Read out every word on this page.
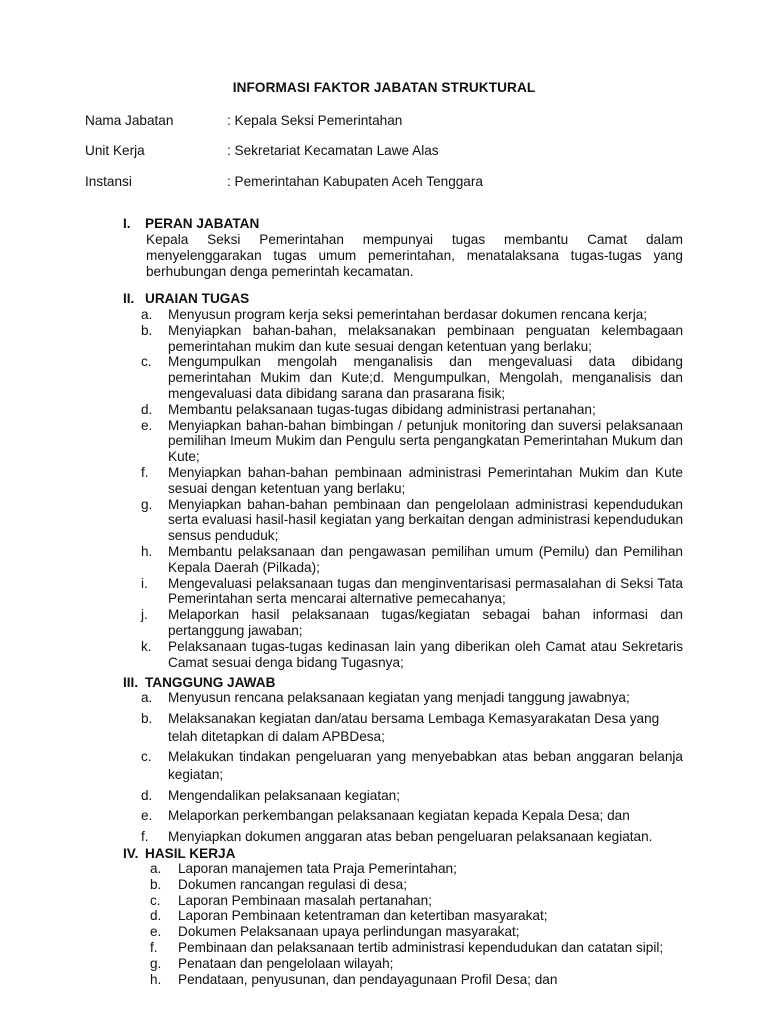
INFORMASI FAKTOR JABATAN STRUKTURAL
Nama Jabatan	: Kepala Seksi Pemerintahan
Unit Kerja	: Sekretariat Kecamatan Lawe Alas
Instansi	: Pemerintahan Kabupaten Aceh Tenggara
I. PERAN JABATAN
Kepala Seksi Pemerintahan mempunyai tugas membantu Camat dalam menyelenggarakan tugas umum pemerintahan, menatalaksana tugas-tugas yang berhubungan denga pemerintah kecamatan.
II. URAIAN TUGAS
a. Menyusun program kerja seksi pemerintahan berdasar dokumen rencana kerja;
b. Menyiapkan bahan-bahan, melaksanakan pembinaan penguatan kelembagaan pemerintahan mukim dan kute sesuai dengan ketentuan yang berlaku;
c. Mengumpulkan mengolah menganalisis dan mengevaluasi data dibidang pemerintahan Mukim dan Kute;d. Mengumpulkan, Mengolah, menganalisis dan mengevaluasi data dibidang sarana dan prasarana fisik;
d. Membantu pelaksanaan tugas-tugas dibidang administrasi pertanahan;
e. Menyiapkan bahan-bahan bimbingan / petunjuk monitoring dan suversi pelaksanaan pemilihan Imeum Mukim dan Pengulu serta pengangkatan Pemerintahan Mukum dan Kute;
f. Menyiapkan bahan-bahan pembinaan administrasi Pemerintahan Mukim dan Kute sesuai dengan ketentuan yang berlaku;
g. Menyiapkan bahan-bahan pembinaan dan pengelolaan administrasi kependudukan serta evaluasi hasil-hasil kegiatan yang berkaitan dengan administrasi kependudukan sensus penduduk;
h. Membantu pelaksanaan dan pengawasan pemilihan umum (Pemilu) dan Pemilihan Kepala Daerah (Pilkada);
i. Mengevaluasi pelaksanaan tugas dan menginventarisasi permasalahan di Seksi Tata Pemerintahan serta mencarai alternative pemecahanya;
j. Melaporkan hasil pelaksanaan tugas/kegiatan sebagai bahan informasi dan pertanggung jawaban;
k. Pelaksanaan tugas-tugas kedinasan lain yang diberikan oleh Camat atau Sekretaris Camat sesuai denga bidang Tugasnya;
III. TANGGUNG JAWAB
a. Menyusun rencana pelaksanaan kegiatan yang menjadi tanggung jawabnya;
b. Melaksanakan kegiatan dan/atau bersama Lembaga Kemasyarakatan Desa yang telah ditetapkan di dalam APBDesa;
c. Melakukan tindakan pengeluaran yang menyebabkan atas beban anggaran belanja kegiatan;
d. Mengendalikan pelaksanaan kegiatan;
e. Melaporkan perkembangan pelaksanaan kegiatan kepada Kepala Desa; dan
f. Menyiapkan dokumen anggaran atas beban pengeluaran pelaksanaan kegiatan.
IV. HASIL KERJA
a. Laporan manajemen tata Praja Pemerintahan;
b. Dokumen rancangan regulasi di desa;
c. Laporan Pembinaan masalah pertanahan;
d. Laporan Pembinaan ketentraman dan ketertiban masyarakat;
e. Dokumen Pelaksanaan upaya perlindungan masyarakat;
f. Pembinaan dan pelaksanaan tertib administrasi kependudukan dan catatan sipil;
g. Penataan dan pengelolaan wilayah;
h. Pendataan, penyusunan, dan pendayagunaan Profil Desa; dan
